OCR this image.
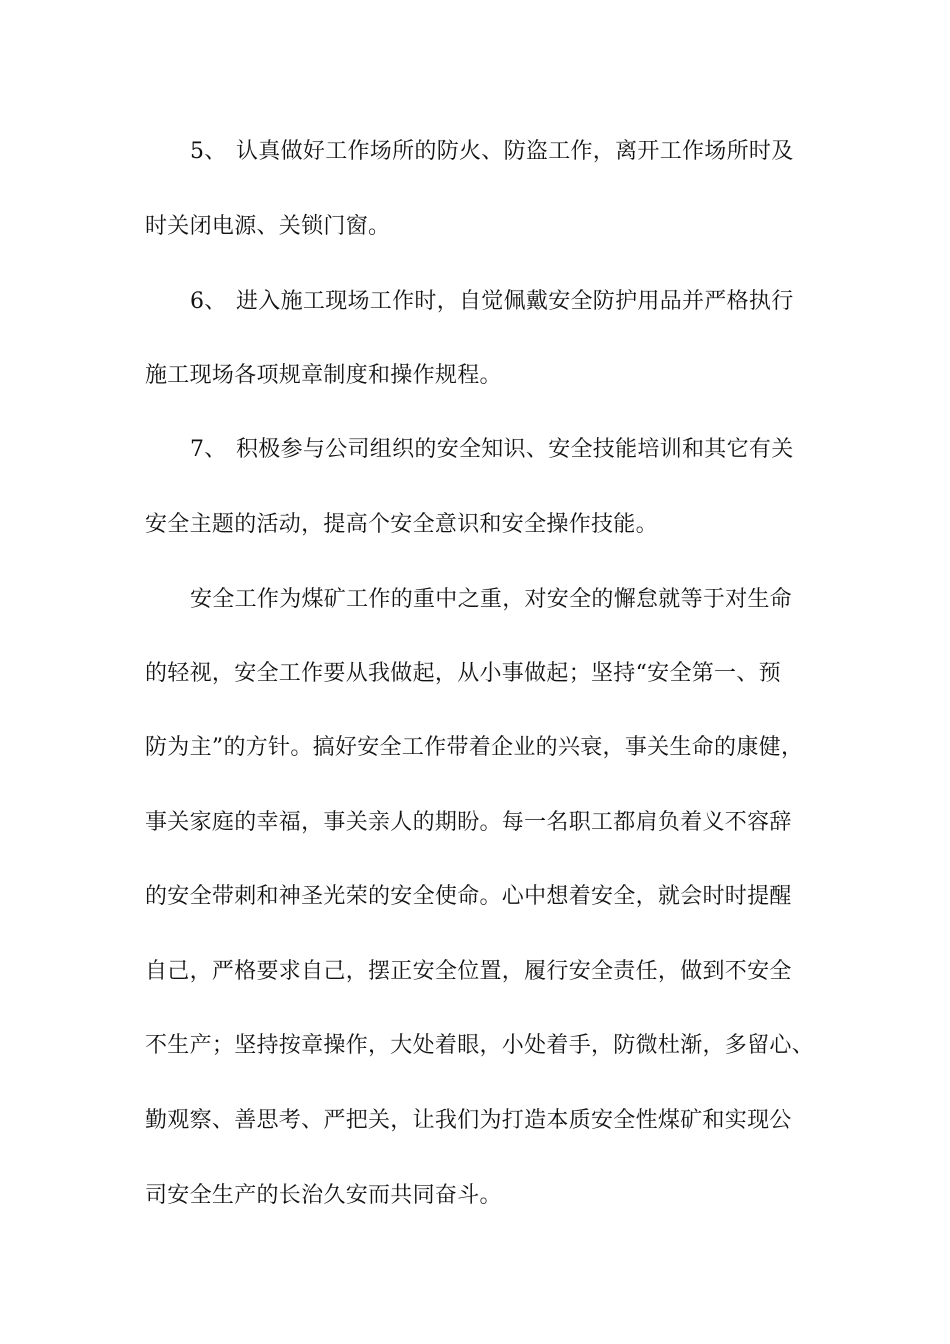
5、 认真做好工作场所的防火、防盗工作，离开工作场所时及
时关闭电源、关锁门窗。
6、 进入施工现场工作时，自觉佩戴安全防护用品并严格执行
施工现场各项规章制度和操作规程。
7、 积极参与公司组织的安全知识、安全技能培训和其它有关
安全主题的活动，提高个安全意识和安全操作技能。
安全工作为煤矿工作的重中之重，对安全的懈怠就等于对生命
的轻视，安全工作要从我做起，从小事做起；坚持“安全第一、预
防为主”的方针。搞好安全工作带着企业的兴衰，事关生命的康健，
事关家庭的幸福，事关亲人的期盼。每一名职工都肩负着义不容辞
的安全带刺和神圣光荣的安全使命。心中想着安全，就会时时提醒
自己，严格要求自己，摆正安全位置，履行安全责任，做到不安全
不生产；坚持按章操作，大处着眼，小处着手，防微杜渐，多留心、
勤观察、善思考、严把关，让我们为打造本质安全性煤矿和实现公
司安全生产的长治久安而共同奋斗。
